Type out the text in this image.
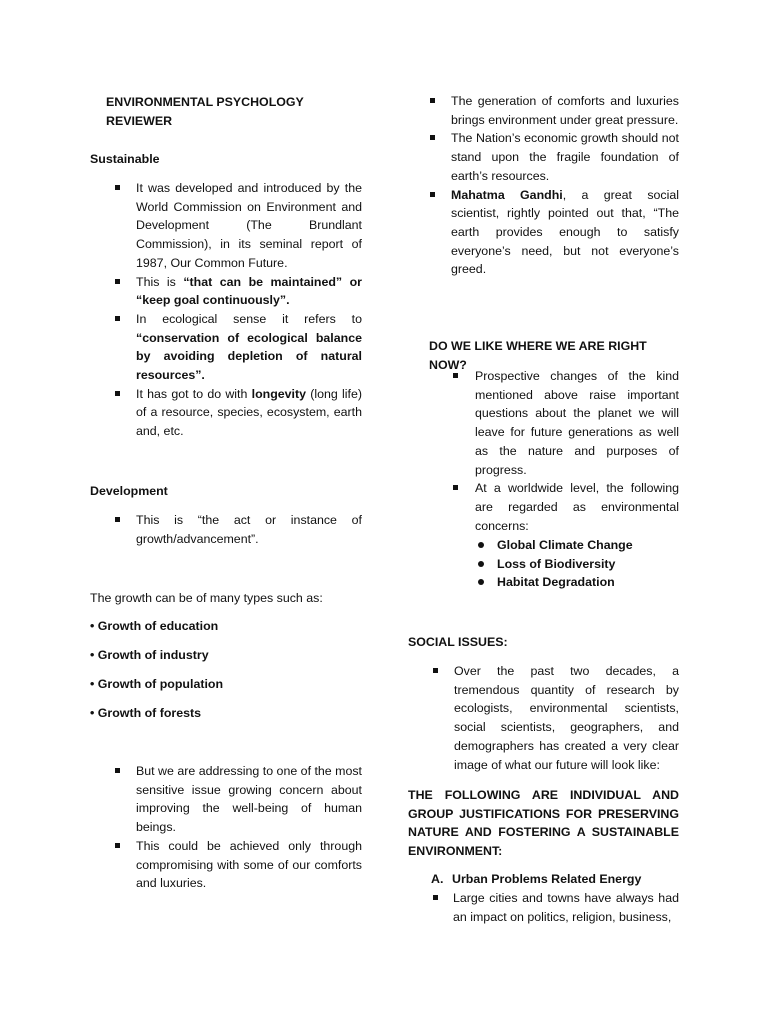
ENVIRONMENTAL PSYCHOLOGY REVIEWER
Sustainable
It was developed and introduced by the World Commission on Environment and Development (The Brundlant Commission), in its seminal report of 1987, Our Common Future.
This is “that can be maintained” or “keep goal continuously”.
In ecological sense it refers to “conservation of ecological balance by avoiding depletion of natural resources”.
It has got to do with longevity (long life) of a resource, species, ecosystem, earth and, etc.
Development
This is “the act or instance of growth/advancement”.
The growth can be of many types such as:
• Growth of education
• Growth of industry
• Growth of population
• Growth of forests
But we are addressing to one of the most sensitive issue growing concern about improving the well-being of human beings.
This could be achieved only through compromising with some of our comforts and luxuries.
The generation of comforts and luxuries brings environment under great pressure.
The Nation’s economic growth should not stand upon the fragile foundation of earth’s resources.
Mahatma Gandhi, a great social scientist, rightly pointed out that, “The earth provides enough to satisfy everyone’s need, but not everyone’s greed.
DO WE LIKE WHERE WE ARE RIGHT NOW?
Prospective changes of the kind mentioned above raise important questions about the planet we will leave for future generations as well as the nature and purposes of progress.
At a worldwide level, the following are regarded as environmental concerns:
Global Climate Change
Loss of Biodiversity
Habitat Degradation
SOCIAL ISSUES:
Over the past two decades, a tremendous quantity of research by ecologists, environmental scientists, social scientists, geographers, and demographers has created a very clear image of what our future will look like:
THE FOLLOWING ARE INDIVIDUAL AND GROUP JUSTIFICATIONS FOR PRESERVING NATURE AND FOSTERING A SUSTAINABLE ENVIRONMENT:
A. Urban Problems Related Energy
Large cities and towns have always had an impact on politics, religion, business,
